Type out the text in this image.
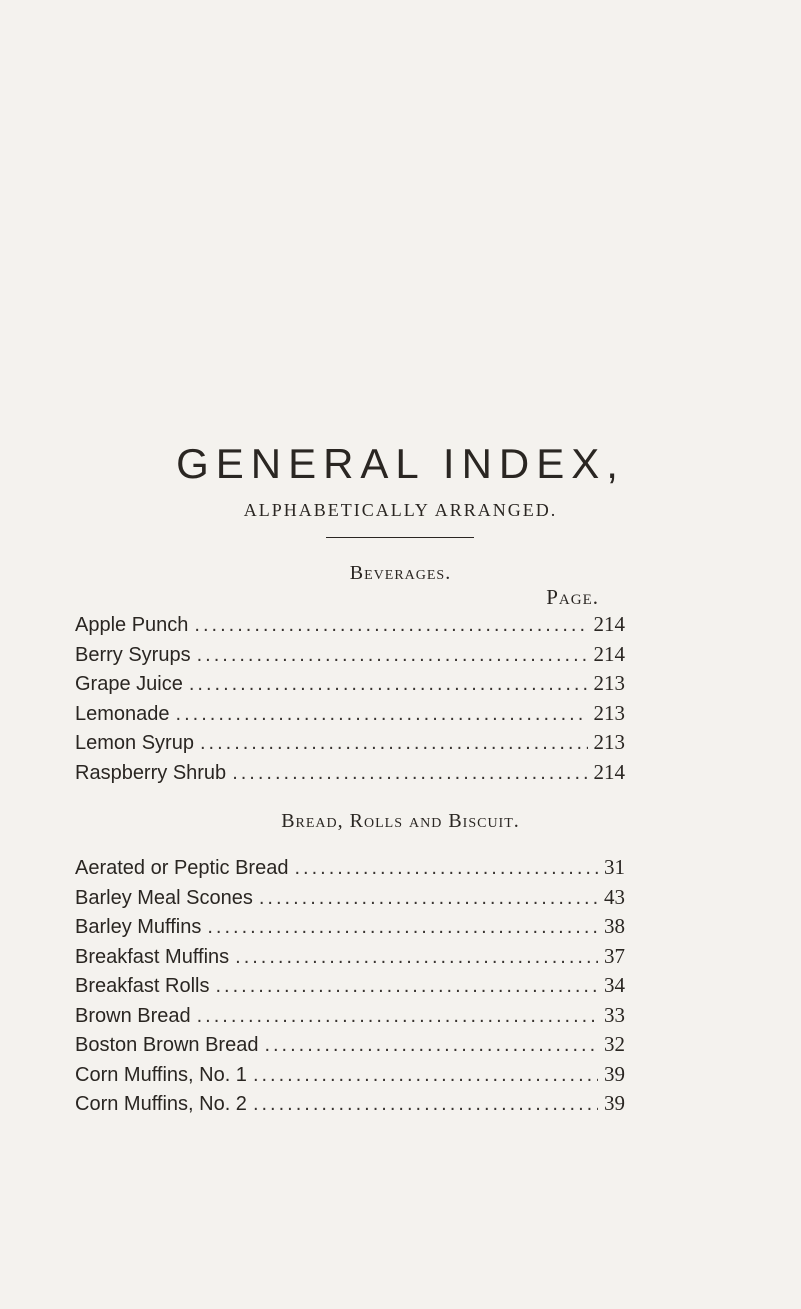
GENERAL INDEX,
ALPHABETICALLY ARRANGED.
Beverages.
Page.
Apple Punch .....	214
Berry Syrups .....	214
Grape Juice .....	213
Lemonade .....	213
Lemon Syrup .....	213
Raspberry Shrub .....	214
Bread, Rolls and Biscuit.
Aerated or Peptic Bread .....	31
Barley Meal Scones .....	43
Barley Muffins .....	38
Breakfast Muffins .....	37
Breakfast Rolls .....	34
Brown Bread .....	33
Boston Brown Bread .....	32
Corn Muffins, No. 1 .....	39
Corn Muffins, No. 2 .....	39
